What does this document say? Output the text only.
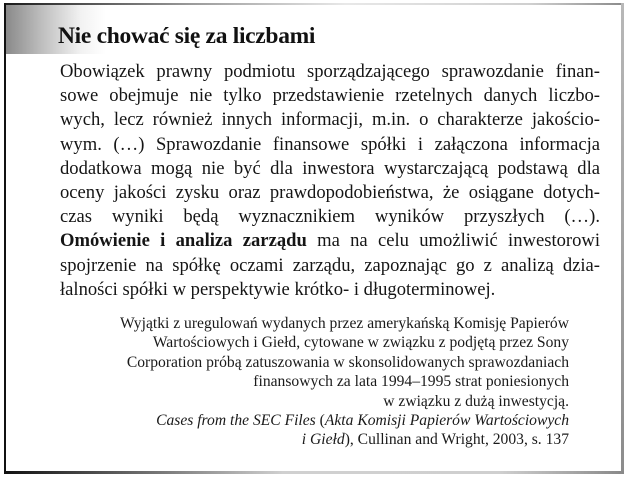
Nie chować się za liczbami
Obowiązek prawny podmiotu sporządzającego sprawozdanie finan-
sowe obejmuje nie tylko przedstawienie rzetelnych danych liczbo-
wych, lecz również innych informacji, m.in. o charakterze jakościo-
wym. (…) Sprawozdanie finansowe spółki i załączona informacja
dodatkowa mogą nie być dla inwestora wystarczającą podstawą dla
oceny jakości zysku oraz prawdopodobieństwa, że osiągane dotych-
czas wyniki będą wyznacznikiem wyników przyszłych (…).
Omówienie i analiza zarządu ma na celu umożliwić inwestorowi
spojrzenie na spółkę oczami zarządu, zapoznając go z analizą dzia-
łalności spółki w perspektywie krótko- i długoterminowej.
Wyjątki z uregulowań wydanych przez amerykańską Komisję Papierów
Wartościowych i Giełd, cytowane w związku z podjętą przez Sony
Corporation próbą zatuszowania w skonsolidowanych sprawozdaniach
finansowych za lata 1994–1995 strat poniesionych
w związku z dużą inwestycją.
Cases from the SEC Files (Akta Komisji Papierów Wartościowych
i Giełd), Cullinan and Wright, 2003, s. 137
